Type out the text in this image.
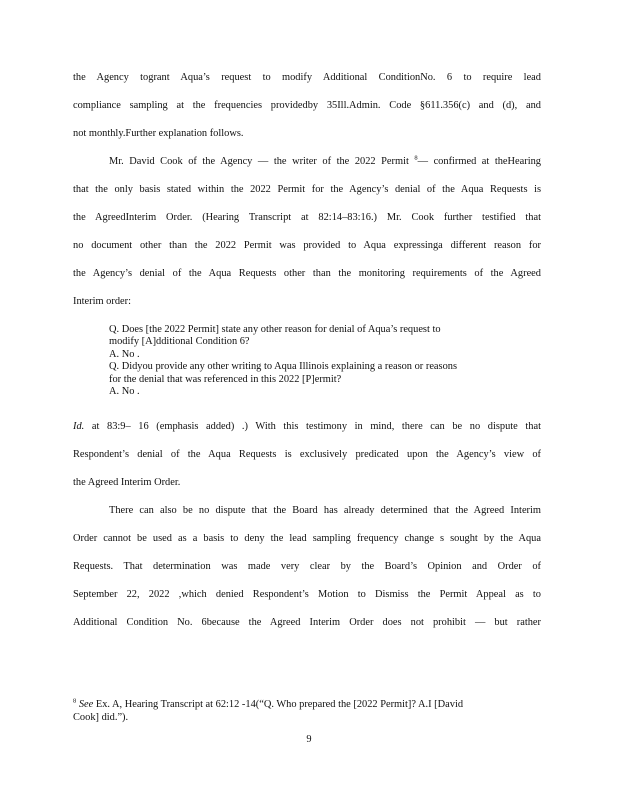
the Agency togrant Aqua’s request to modify Additional ConditionNo. 6 to require lead
compliance sampling at the frequencies providedby 35Ill.Admin. Code §611.356(c) and (d), and
not monthly.Further explanation follows.
Mr. David Cook of the Agency — the writer of the 2022 Permit $^8$— confirmed at theHearing
that the only basis stated within the 2022 Permit for the Agency’s denial of the Aqua Requests is
the AgreedInterim Order. (Hearing Transcript at 82:14–83:16.) Mr. Cook further testified that
no document other than the 2022 Permit was provided to Aqua expressinga different reason for
the Agency’s denial of the Aqua Requests other than the monitoring requirements of the Agreed
Interim order:
Q. Does [the 2022 Permit] state any other reason for denial of Aqua’s request to
modify [A]dditional Condition 6?
A. No .
Q. Didyou provide any other writing to Aqua Illinois explaining a reason or reasons
for the denial that was referenced in this 2022 [P]ermit?
A. No .
Id. at 83:9– 16 (emphasis added) .) With this testimony in mind, there can be no dispute that
Respondent’s denial of the Aqua Requests is exclusively predicated upon the Agency’s view of
the Agreed Interim Order.
There can also be no dispute that the Board has already determined that the Agreed Interim
Order cannot be used as a basis to deny the lead sampling frequency change s sought by the Aqua
Requests. That determination was made very clear by the Board’s Opinion and Order of
September 22, 2022 ,which denied Respondent’s Motion to Dismiss the Permit Appeal as to
Additional Condition No. 6because the Agreed Interim Order does not prohibit — but rather
$^8$ See Ex. A, Hearing Transcript at 62:12 -14(“Q. Who prepared the [2022 Permit]? A.I [David
Cook] did.”).
9
